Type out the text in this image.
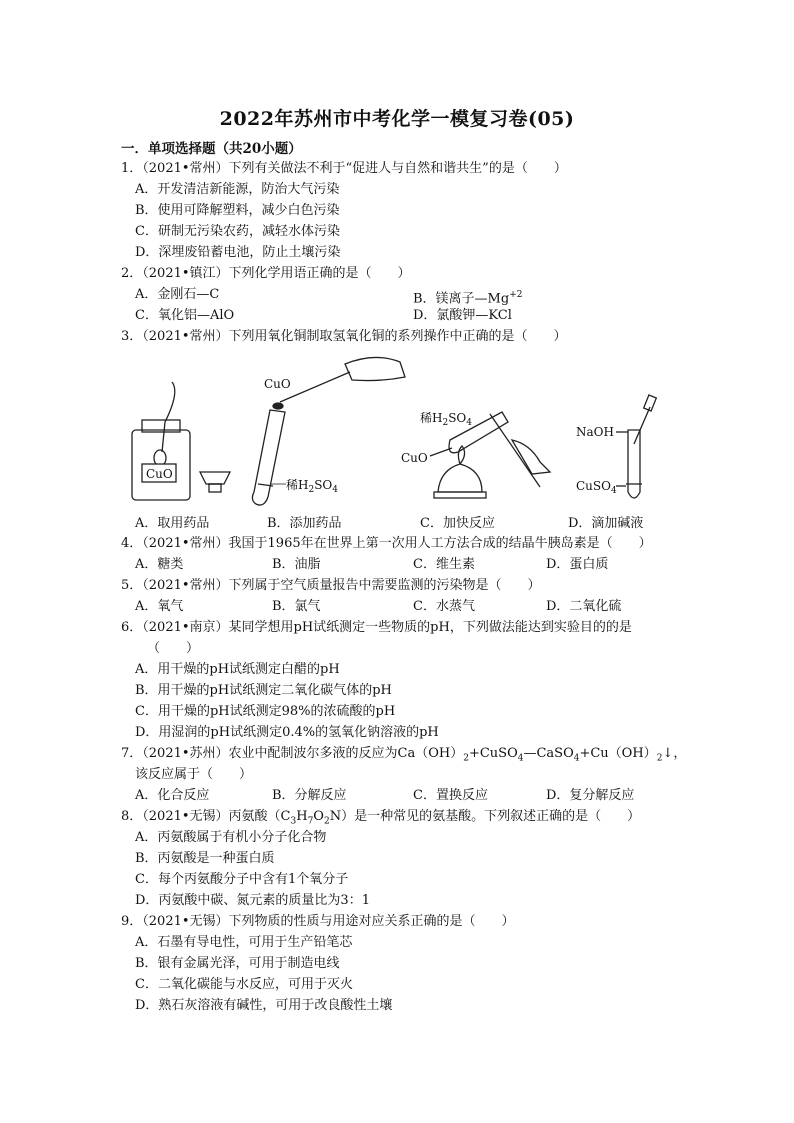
2022年苏州市中考化学一模复习卷(05)
一．单项选择题（共20小题）
1．（2021•常州）下列有关做法不利于“促进人与自然和谐共生”的是（　　）
A．开发清洁新能源，防治大气污染
B．使用可降解塑料，减少白色污染
C．研制无污染农药，减轻水体污染
D．深埋废铅蓄电池，防止土壤污染
2．（2021•镇江）下列化学用语正确的是（　　）
A．金刚石—C	B．镁离子$—Mg^{+2}$
C．氧化铝—AlO	D．氯酸钾—KCl
3．（2021•常州）下列用氧化铜制取氢氧化铜的系列操作中正确的是（　　）
CuO
CuO
稀$H_2SO_4$
稀$H_2SO_4$
CuO
NaOH
CuSO$_4$
A．取用药品	B．添加药品	C．加快反应	D．滴加碱液
4．（2021•常州）我国于1965年在世界上第一次用人工方法合成的结晶牛胰岛素是（　　）
A．糖类	B．油脂	C．维生素	D．蛋白质
5．（2021•常州）下列属于空气质量报告中需要监测的污染物是（　　）
A．氧气	B．氯气	C．水蒸气	D．二氧化硫
6．（2021•南京）某同学想用pH试纸测定一些物质的pH，下列做法能达到实验目的的是
（　　）
A．用干燥的pH试纸测定白醋的pH
B．用干燥的pH试纸测定二氧化碳气体的pH
C．用干燥的pH试纸测定98%的浓硫酸的pH
D．用湿润的pH试纸测定0.4%的氢氧化钠溶液的pH
7．（2021•苏州）农业中配制波尔多液的反应为$Ca(OH)_2+CuSO_4—CaSO_4+Cu(OH)_2↓$，
该反应属于（　　）
A．化合反应	B．分解反应	C．置换反应	D．复分解反应
8．（2021•无锡）丙氨酸$(C_3H_7O_2N)$是一种常见的氨基酸。下列叙述正确的是（　　）
A．丙氨酸属于有机小分子化合物
B．丙氨酸是一种蛋白质
C．每个丙氨酸分子中含有1个氧分子
D．丙氨酸中碳、氮元素的质量比为3：1
9．（2021•无锡）下列物质的性质与用途对应关系正确的是（　　）
A．石墨有导电性，可用于生产铅笔芯
B．银有金属光泽，可用于制造电线
C．二氧化碳能与水反应，可用于灭火
D．熟石灰溶液有碱性，可用于改良酸性土壤
